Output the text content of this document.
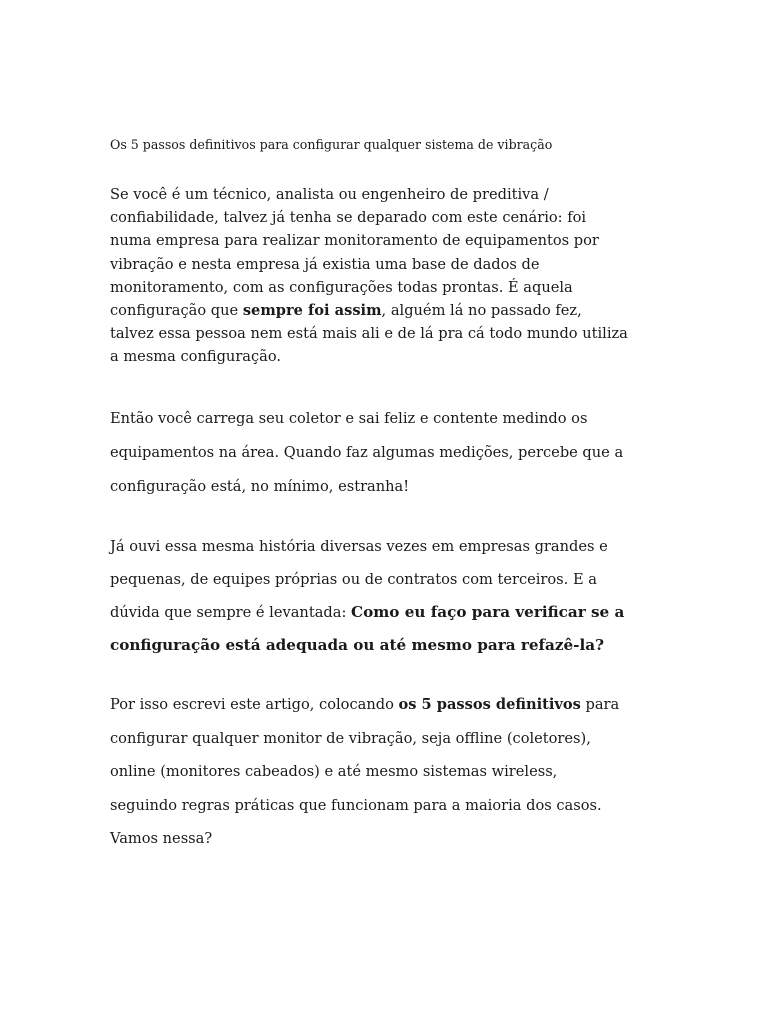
Os 5 passos definitivos para configurar qualquer sistema de vibração

Se você é um técnico, analista ou engenheiro de preditiva /
confiabilidade, talvez já tenha se deparado com este cenário: foi
numa empresa para realizar monitoramento de equipamentos por
vibração e nesta empresa já existia uma base de dados de
monitoramento, com as configurações todas prontas. É aquela
configuração que sempre foi assim, alguém lá no passado fez,
talvez essa pessoa nem está mais ali e de lá pra cá todo mundo utiliza
a mesma configuração.

Então você carrega seu coletor e sai feliz e contente medindo os
equipamentos na área. Quando faz algumas medições, percebe que a
configuração está, no mínimo, estranha!

Já ouvi essa mesma história diversas vezes em empresas grandes e
pequenas, de equipes próprias ou de contratos com terceiros. E a
dúvida que sempre é levantada: Como eu faço para verificar se a
configuração está adequada ou até mesmo para refazê-la?

Por isso escrevi este artigo, colocando os 5 passos definitivos para
configurar qualquer monitor de vibração, seja offline (coletores),
online (monitores cabeados) e até mesmo sistemas wireless,
seguindo regras práticas que funcionam para a maioria dos casos.
Vamos nessa?
